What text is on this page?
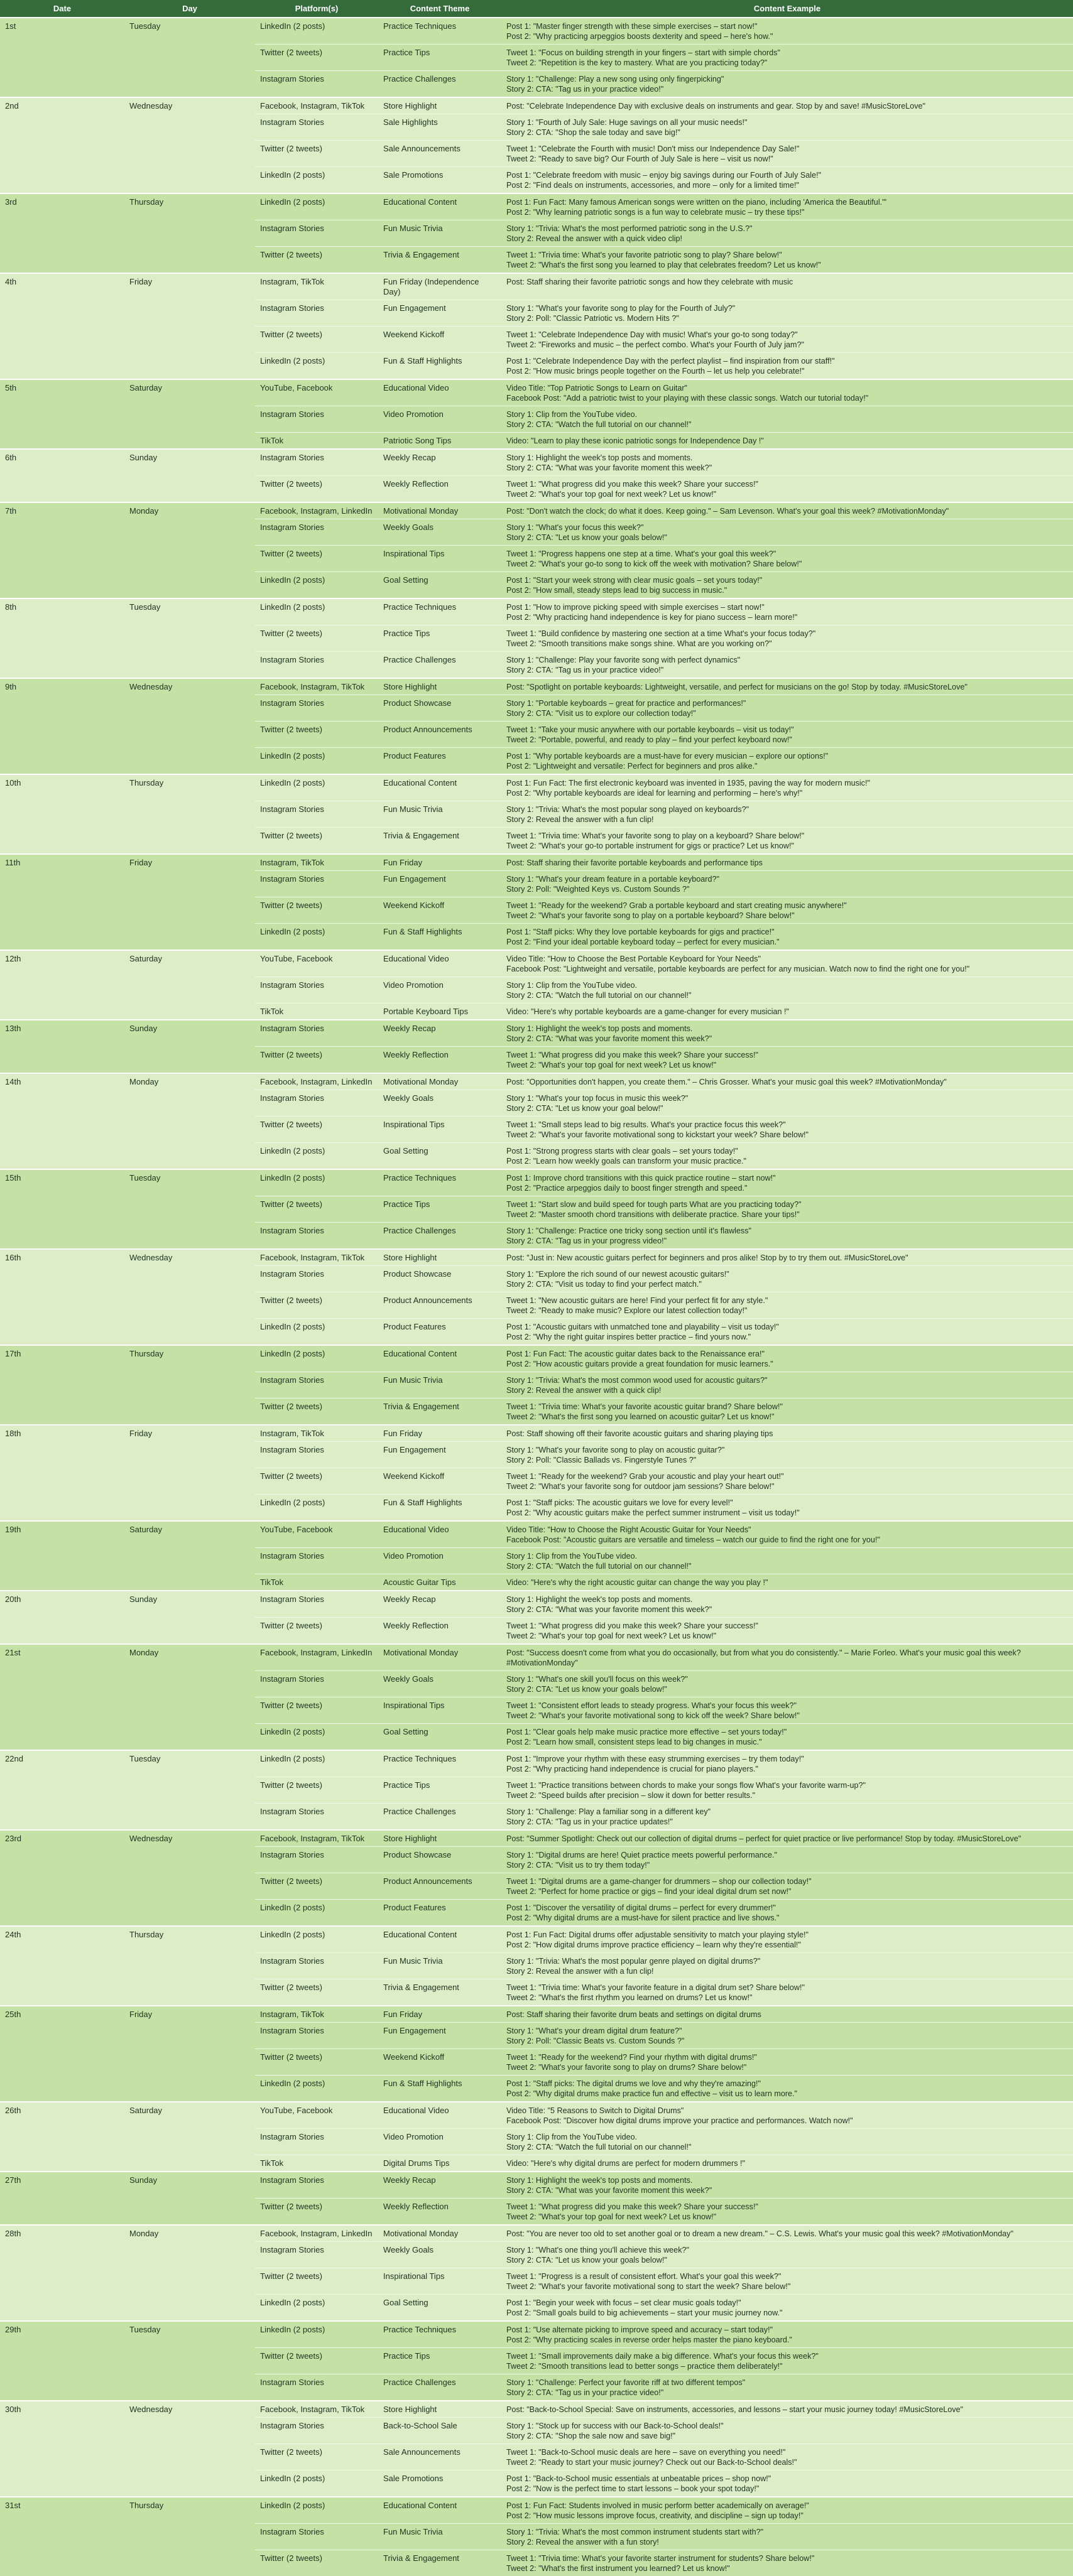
Date	Day	Platform(s)	Content Theme	Content Example
1st	Tuesday	LinkedIn (2 posts)	Practice Techniques	Post 1: "Master finger strength with these simple exercises – start now!"
Post 2: "Why practicing arpeggios boosts dexterity and speed – here's how."
		Twitter (2 tweets)	Practice Tips	Tweet 1: "Focus on building strength in your fingers – start with simple chords"
Tweet 2: "Repetition is the key to mastery. What are you practicing today?"
		Instagram Stories	Practice Challenges	Story 1: "Challenge: Play a new song using only fingerpicking"
Story 2: CTA: "Tag us in your practice video!"
2nd	Wednesday	Facebook, Instagram, TikTok	Store Highlight	Post: "Celebrate Independence Day with exclusive deals on instruments and gear. Stop by and save! #MusicStoreLove"
		Instagram Stories	Sale Highlights	Story 1: "Fourth of July Sale: Huge savings on all your music needs!"
Story 2: CTA: "Shop the sale today and save big!"
		Twitter (2 tweets)	Sale Announcements	Tweet 1: "Celebrate the Fourth with music! Don't miss our Independence Day Sale!"
Tweet 2: "Ready to save big? Our Fourth of July Sale is here – visit us now!"
		LinkedIn (2 posts)	Sale Promotions	Post 1: "Celebrate freedom with music – enjoy big savings during our Fourth of July Sale!"
Post 2: "Find deals on instruments, accessories, and more – only for a limited time!"
3rd	Thursday	LinkedIn (2 posts)	Educational Content	Post 1: Fun Fact: Many famous American songs were written on the piano, including 'America the Beautiful.'"
Post 2: "Why learning patriotic songs is a fun way to celebrate music – try these tips!"
		Instagram Stories	Fun Music Trivia	Story 1: "Trivia: What's the most performed patriotic song in the U.S.?"
Story 2: Reveal the answer with a quick video clip!
		Twitter (2 tweets)	Trivia & Engagement	Tweet 1: "Trivia time: What's your favorite patriotic song to play? Share below!"
Tweet 2: "What's the first song you learned to play that celebrates freedom? Let us know!"
4th	Friday	Instagram, TikTok	Fun Friday (Independence Day)	Post: Staff sharing their favorite patriotic songs and how they celebrate with music
		Instagram Stories	Fun Engagement	Story 1: "What's your favorite song to play for the Fourth of July?"
Story 2: Poll: "Classic Patriotic vs. Modern Hits ?"
		Twitter (2 tweets)	Weekend Kickoff	Tweet 1: "Celebrate Independence Day with music! What's your go-to song today?"
Tweet 2: "Fireworks and music – the perfect combo. What's your Fourth of July jam?"
		LinkedIn (2 posts)	Fun & Staff Highlights	Post 1: "Celebrate Independence Day with the perfect playlist – find inspiration from our staff!"
Post 2: "How music brings people together on the Fourth – let us help you celebrate!"
5th	Saturday	YouTube, Facebook	Educational Video	Video Title: "Top Patriotic Songs to Learn on Guitar"
Facebook Post: "Add a patriotic twist to your playing with these classic songs. Watch our tutorial today!"
		Instagram Stories	Video Promotion	Story 1: Clip from the YouTube video.
Story 2: CTA: "Watch the full tutorial on our channel!"
		TikTok	Patriotic Song Tips	Video: "Learn to play these iconic patriotic songs for Independence Day !"
6th	Sunday	Instagram Stories	Weekly Recap	Story 1: Highlight the week's top posts and moments.
Story 2: CTA: "What was your favorite moment this week?"
		Twitter (2 tweets)	Weekly Reflection	Tweet 1: "What progress did you make this week? Share your success!"
Tweet 2: "What's your top goal for next week? Let us know!"
7th	Monday	Facebook, Instagram, LinkedIn	Motivational Monday	Post: "Don't watch the clock; do what it does. Keep going." – Sam Levenson. What's your goal this week? #MotivationMonday"
		Instagram Stories	Weekly Goals	Story 1: "What's your focus this week?"
Story 2: CTA: "Let us know your goals below!"
		Twitter (2 tweets)	Inspirational Tips	Tweet 1: "Progress happens one step at a time. What's your goal this week?"
Tweet 2: "What's your go-to song to kick off the week with motivation? Share below!"
		LinkedIn (2 posts)	Goal Setting	Post 1: "Start your week strong with clear music goals – set yours today!"
Post 2: "How small, steady steps lead to big success in music."
8th	Tuesday	LinkedIn (2 posts)	Practice Techniques	Post 1: "How to improve picking speed with simple exercises – start now!"
Post 2: "Why practicing hand independence is key for piano success – learn more!"
		Twitter (2 tweets)	Practice Tips	Tweet 1: "Build confidence by mastering one section at a time What's your focus today?"
Tweet 2: "Smooth transitions make songs shine. What are you working on?"
		Instagram Stories	Practice Challenges	Story 1: "Challenge: Play your favorite song with perfect dynamics"
Story 2: CTA: "Tag us in your practice video!"
9th	Wednesday	Facebook, Instagram, TikTok	Store Highlight	Post: "Spotlight on portable keyboards: Lightweight, versatile, and perfect for musicians on the go! Stop by today. #MusicStoreLove"
		Instagram Stories	Product Showcase	Story 1: "Portable keyboards – great for practice and performances!"
Story 2: CTA: "Visit us to explore our collection today!"
		Twitter (2 tweets)	Product Announcements	Tweet 1: "Take your music anywhere with our portable keyboards – visit us today!"
Tweet 2: "Portable, powerful, and ready to play – find your perfect keyboard now!"
		LinkedIn (2 posts)	Product Features	Post 1: "Why portable keyboards are a must-have for every musician – explore our options!"
Post 2: "Lightweight and versatile: Perfect for beginners and pros alike."
10th	Thursday	LinkedIn (2 posts)	Educational Content	Post 1: Fun Fact: The first electronic keyboard was invented in 1935, paving the way for modern music!"
Post 2: "Why portable keyboards are ideal for learning and performing – here's why!"
		Instagram Stories	Fun Music Trivia	Story 1: "Trivia: What's the most popular song played on keyboards?"
Story 2: Reveal the answer with a fun clip!
		Twitter (2 tweets)	Trivia & Engagement	Tweet 1: "Trivia time: What's your favorite song to play on a keyboard? Share below!"
Tweet 2: "What's your go-to portable instrument for gigs or practice? Let us know!"
11th	Friday	Instagram, TikTok	Fun Friday	Post: Staff sharing their favorite portable keyboards and performance tips
		Instagram Stories	Fun Engagement	Story 1: "What's your dream feature in a portable keyboard?"
Story 2: Poll: "Weighted Keys vs. Custom Sounds ?"
		Twitter (2 tweets)	Weekend Kickoff	Tweet 1: "Ready for the weekend? Grab a portable keyboard and start creating music anywhere!"
Tweet 2: "What's your favorite song to play on a portable keyboard? Share below!"
		LinkedIn (2 posts)	Fun & Staff Highlights	Post 1: "Staff picks: Why they love portable keyboards for gigs and practice!"
Post 2: "Find your ideal portable keyboard today – perfect for every musician."
12th	Saturday	YouTube, Facebook	Educational Video	Video Title: "How to Choose the Best Portable Keyboard for Your Needs"
Facebook Post: "Lightweight and versatile, portable keyboards are perfect for any musician. Watch now to find the right one for you!"
		Instagram Stories	Video Promotion	Story 1: Clip from the YouTube video.
Story 2: CTA: "Watch the full tutorial on our channel!"
		TikTok	Portable Keyboard Tips	Video: "Here's why portable keyboards are a game-changer for every musician !"
13th	Sunday	Instagram Stories	Weekly Recap	Story 1: Highlight the week's top posts and moments.
Story 2: CTA: "What was your favorite moment this week?"
		Twitter (2 tweets)	Weekly Reflection	Tweet 1: "What progress did you make this week? Share your success!"
Tweet 2: "What's your top goal for next week? Let us know!"
14th	Monday	Facebook, Instagram, LinkedIn	Motivational Monday	Post: "Opportunities don't happen, you create them." – Chris Grosser. What's your music goal this week? #MotivationMonday"
		Instagram Stories	Weekly Goals	Story 1: "What's your top focus in music this week?"
Story 2: CTA: "Let us know your goal below!"
		Twitter (2 tweets)	Inspirational Tips	Tweet 1: "Small steps lead to big results. What's your practice focus this week?"
Tweet 2: "What's your favorite motivational song to kickstart your week? Share below!"
		LinkedIn (2 posts)	Goal Setting	Post 1: "Strong progress starts with clear goals – set yours today!"
Post 2: "Learn how weekly goals can transform your music practice."
15th	Tuesday	LinkedIn (2 posts)	Practice Techniques	Post 1: Improve chord transitions with this quick practice routine – start now!"
Post 2: "Practice arpeggios daily to boost finger strength and speed."
		Twitter (2 tweets)	Practice Tips	Tweet 1: "Start slow and build speed for tough parts What are you practicing today?"
Tweet 2: "Master smooth chord transitions with deliberate practice. Share your tips!"
		Instagram Stories	Practice Challenges	Story 1: "Challenge: Practice one tricky song section until it's flawless"
Story 2: CTA: "Tag us in your progress video!"
16th	Wednesday	Facebook, Instagram, TikTok	Store Highlight	Post: "Just in: New acoustic guitars perfect for beginners and pros alike! Stop by to try them out. #MusicStoreLove"
		Instagram Stories	Product Showcase	Story 1: "Explore the rich sound of our newest acoustic guitars!"
Story 2: CTA: "Visit us today to find your perfect match."
		Twitter (2 tweets)	Product Announcements	Tweet 1: "New acoustic guitars are here! Find your perfect fit for any style."
Tweet 2: "Ready to make music? Explore our latest collection today!"
		LinkedIn (2 posts)	Product Features	Post 1: "Acoustic guitars with unmatched tone and playability – visit us today!"
Post 2: "Why the right guitar inspires better practice – find yours now."
17th	Thursday	LinkedIn (2 posts)	Educational Content	Post 1: Fun Fact: The acoustic guitar dates back to the Renaissance era!"
Post 2: "How acoustic guitars provide a great foundation for music learners."
		Instagram Stories	Fun Music Trivia	Story 1: "Trivia: What's the most common wood used for acoustic guitars?"
Story 2: Reveal the answer with a quick clip!
		Twitter (2 tweets)	Trivia & Engagement	Tweet 1: "Trivia time: What's your favorite acoustic guitar brand? Share below!"
Tweet 2: "What's the first song you learned on acoustic guitar? Let us know!"
18th	Friday	Instagram, TikTok	Fun Friday	Post: Staff showing off their favorite acoustic guitars and sharing playing tips
		Instagram Stories	Fun Engagement	Story 1: "What's your favorite song to play on acoustic guitar?"
Story 2: Poll: "Classic Ballads vs. Fingerstyle Tunes ?"
		Twitter (2 tweets)	Weekend Kickoff	Tweet 1: "Ready for the weekend? Grab your acoustic and play your heart out!"
Tweet 2: "What's your favorite song for outdoor jam sessions? Share below!"
		LinkedIn (2 posts)	Fun & Staff Highlights	Post 1: "Staff picks: The acoustic guitars we love for every level!"
Post 2: "Why acoustic guitars make the perfect summer instrument – visit us today!"
19th	Saturday	YouTube, Facebook	Educational Video	Video Title: "How to Choose the Right Acoustic Guitar for Your Needs"
Facebook Post: "Acoustic guitars are versatile and timeless – watch our guide to find the right one for you!"
		Instagram Stories	Video Promotion	Story 1: Clip from the YouTube video.
Story 2: CTA: "Watch the full tutorial on our channel!"
		TikTok	Acoustic Guitar Tips	Video: "Here's why the right acoustic guitar can change the way you play !"
20th	Sunday	Instagram Stories	Weekly Recap	Story 1: Highlight the week's top posts and moments.
Story 2: CTA: "What was your favorite moment this week?"
		Twitter (2 tweets)	Weekly Reflection	Tweet 1: "What progress did you make this week? Share your success!"
Tweet 2: "What's your top goal for next week? Let us know!"
21st	Monday	Facebook, Instagram, LinkedIn	Motivational Monday	Post: "Success doesn't come from what you do occasionally, but from what you do consistently." – Marie Forleo. What's your music goal this week? #MotivationMonday"
		Instagram Stories	Weekly Goals	Story 1: "What's one skill you'll focus on this week?"
Story 2: CTA: "Let us know your goals below!"
		Twitter (2 tweets)	Inspirational Tips	Tweet 1: "Consistent effort leads to steady progress. What's your focus this week?"
Tweet 2: "What's your favorite motivational song to kick off the week? Share below!"
		LinkedIn (2 posts)	Goal Setting	Post 1: "Clear goals help make music practice more effective – set yours today!"
Post 2: "Learn how small, consistent steps lead to big changes in music."
22nd	Tuesday	LinkedIn (2 posts)	Practice Techniques	Post 1: "Improve your rhythm with these easy strumming exercises – try them today!"
Post 2: "Why practicing hand independence is crucial for piano players."
		Twitter (2 tweets)	Practice Tips	Tweet 1: "Practice transitions between chords to make your songs flow What's your favorite warm-up?"
Tweet 2: "Speed builds after precision – slow it down for better results."
		Instagram Stories	Practice Challenges	Story 1: "Challenge: Play a familiar song in a different key"
Story 2: CTA: "Tag us in your practice updates!"
23rd	Wednesday	Facebook, Instagram, TikTok	Store Highlight	Post: "Summer Spotlight: Check out our collection of digital drums – perfect for quiet practice or live performance! Stop by today. #MusicStoreLove"
		Instagram Stories	Product Showcase	Story 1: "Digital drums are here! Quiet practice meets powerful performance."
Story 2: CTA: "Visit us to try them today!"
		Twitter (2 tweets)	Product Announcements	Tweet 1: "Digital drums are a game-changer for drummers – shop our collection today!"
Tweet 2: "Perfect for home practice or gigs – find your ideal digital drum set now!"
		LinkedIn (2 posts)	Product Features	Post 1: "Discover the versatility of digital drums – perfect for every drummer!"
Post 2: "Why digital drums are a must-have for silent practice and live shows."
24th	Thursday	LinkedIn (2 posts)	Educational Content	Post 1: Fun Fact: Digital drums offer adjustable sensitivity to match your playing style!"
Post 2: "How digital drums improve practice efficiency – learn why they're essential!"
		Instagram Stories	Fun Music Trivia	Story 1: "Trivia: What's the most popular genre played on digital drums?"
Story 2: Reveal the answer with a fun clip!
		Twitter (2 tweets)	Trivia & Engagement	Tweet 1: "Trivia time: What's your favorite feature in a digital drum set? Share below!"
Tweet 2: "What's the first rhythm you learned on drums? Let us know!"
25th	Friday	Instagram, TikTok	Fun Friday	Post: Staff sharing their favorite drum beats and settings on digital drums
		Instagram Stories	Fun Engagement	Story 1: "What's your dream digital drum feature?"
Story 2: Poll: "Classic Beats vs. Custom Sounds ?"
		Twitter (2 tweets)	Weekend Kickoff	Tweet 1: "Ready for the weekend? Find your rhythm with digital drums!"
Tweet 2: "What's your favorite song to play on drums? Share below!"
		LinkedIn (2 posts)	Fun & Staff Highlights	Post 1: "Staff picks: The digital drums we love and why they're amazing!"
Post 2: "Why digital drums make practice fun and effective – visit us to learn more."
26th	Saturday	YouTube, Facebook	Educational Video	Video Title: "5 Reasons to Switch to Digital Drums"
Facebook Post: "Discover how digital drums improve your practice and performances. Watch now!"
		Instagram Stories	Video Promotion	Story 1: Clip from the YouTube video.
Story 2: CTA: "Watch the full tutorial on our channel!"
		TikTok	Digital Drums Tips	Video: "Here's why digital drums are perfect for modern drummers !"
27th	Sunday	Instagram Stories	Weekly Recap	Story 1: Highlight the week's top posts and moments.
Story 2: CTA: "What was your favorite moment this week?"
		Twitter (2 tweets)	Weekly Reflection	Tweet 1: "What progress did you make this week? Share your success!"
Tweet 2: "What's your top goal for next week? Let us know!"
28th	Monday	Facebook, Instagram, LinkedIn	Motivational Monday	Post: "You are never too old to set another goal or to dream a new dream." – C.S. Lewis. What's your music goal this week? #MotivationMonday"
		Instagram Stories	Weekly Goals	Story 1: "What's one thing you'll achieve this week?"
Story 2: CTA: "Let us know your goals below!"
		Twitter (2 tweets)	Inspirational Tips	Tweet 1: "Progress is a result of consistent effort. What's your goal this week?"
Tweet 2: "What's your favorite motivational song to start the week? Share below!"
		LinkedIn (2 posts)	Goal Setting	Post 1: "Begin your week with focus – set clear music goals today!"
Post 2: "Small goals build to big achievements – start your music journey now."
29th	Tuesday	LinkedIn (2 posts)	Practice Techniques	Post 1: "Use alternate picking to improve speed and accuracy – start today!"
Post 2: "Why practicing scales in reverse order helps master the piano keyboard."
		Twitter (2 tweets)	Practice Tips	Tweet 1: "Small improvements daily make a big difference. What's your focus this week?"
Tweet 2: "Smooth transitions lead to better songs – practice them deliberately!"
		Instagram Stories	Practice Challenges	Story 1: "Challenge: Perfect your favorite riff at two different tempos"
Story 2: CTA: "Tag us in your practice video!"
30th	Wednesday	Facebook, Instagram, TikTok	Store Highlight	Post: "Back-to-School Special: Save on instruments, accessories, and lessons – start your music journey today! #MusicStoreLove"
		Instagram Stories	Back-to-School Sale	Story 1: "Stock up for success with our Back-to-School deals!"
Story 2: CTA: "Shop the sale now and save big!"
		Twitter (2 tweets)	Sale Announcements	Tweet 1: "Back-to-School music deals are here – save on everything you need!"
Tweet 2: "Ready to start your music journey? Check out our Back-to-School deals!"
		LinkedIn (2 posts)	Sale Promotions	Post 1: "Back-to-School music essentials at unbeatable prices – shop now!"
Post 2: "Now is the perfect time to start lessons – book your spot today!"
31st	Thursday	LinkedIn (2 posts)	Educational Content	Post 1: Fun Fact: Students involved in music perform better academically on average!"
Post 2: "How music lessons improve focus, creativity, and discipline – sign up today!"
		Instagram Stories	Fun Music Trivia	Story 1: "Trivia: What's the most common instrument students start with?"
Story 2: Reveal the answer with a fun story!
		Twitter (2 tweets)	Trivia & Engagement	Tweet 1: "Trivia time: What's your favorite starter instrument for students? Share below!"
Tweet 2: "What's the first instrument you learned? Let us know!"
